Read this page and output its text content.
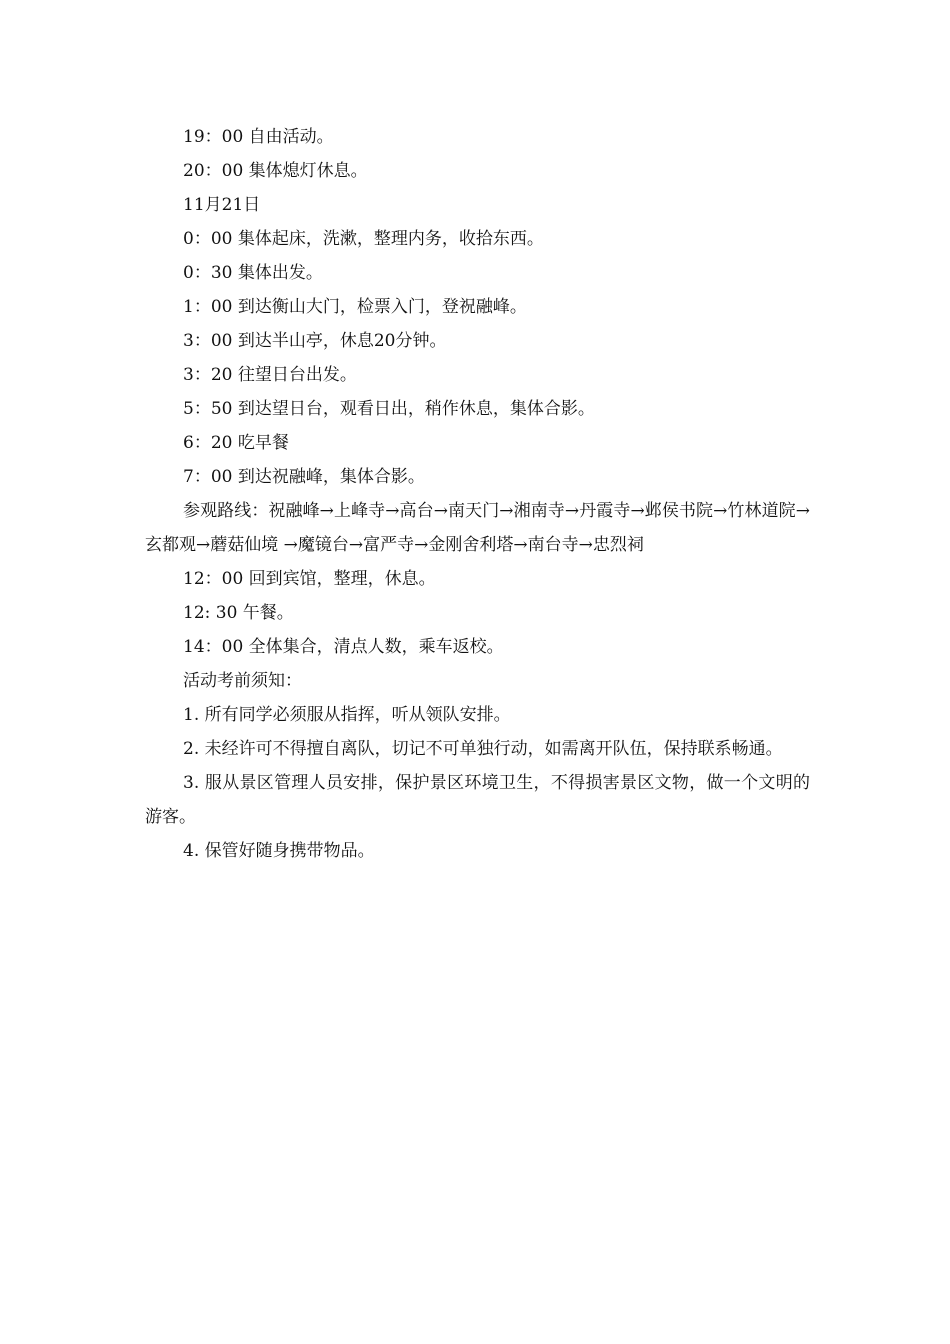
19：00 自由活动。

20：00 集体熄灯休息。

11月21日

0：00 集体起床，洗漱，整理内务，收拾东西。

0：30 集体出发。

1：00 到达衡山大门，检票入门，登祝融峰。

3：00 到达半山亭，休息20分钟。

3：20 往望日台出发。

5：50 到达望日台，观看日出，稍作休息，集体合影。

6：20 吃早餐

7：00 到达祝融峰，集体合影。

参观路线：祝融峰→上峰寺→高台→南天门→湘南寺→丹霞寺→邺侯书院→竹林道院→玄都观→蘑菇仙境 →魔镜台→富严寺→金刚舍利塔→南台寺→忠烈祠

12：00 回到宾馆，整理，休息。

12: 30 午餐。

14：00 全体集合，清点人数，乘车返校。

活动考前须知：

1. 所有同学必须服从指挥，听从领队安排。

2. 未经许可不得擅自离队，切记不可单独行动，如需离开队伍，保持联系畅通。

3. 服从景区管理人员安排，保护景区环境卫生，不得损害景区文物，做一个文明的游客。

4. 保管好随身携带物品。
